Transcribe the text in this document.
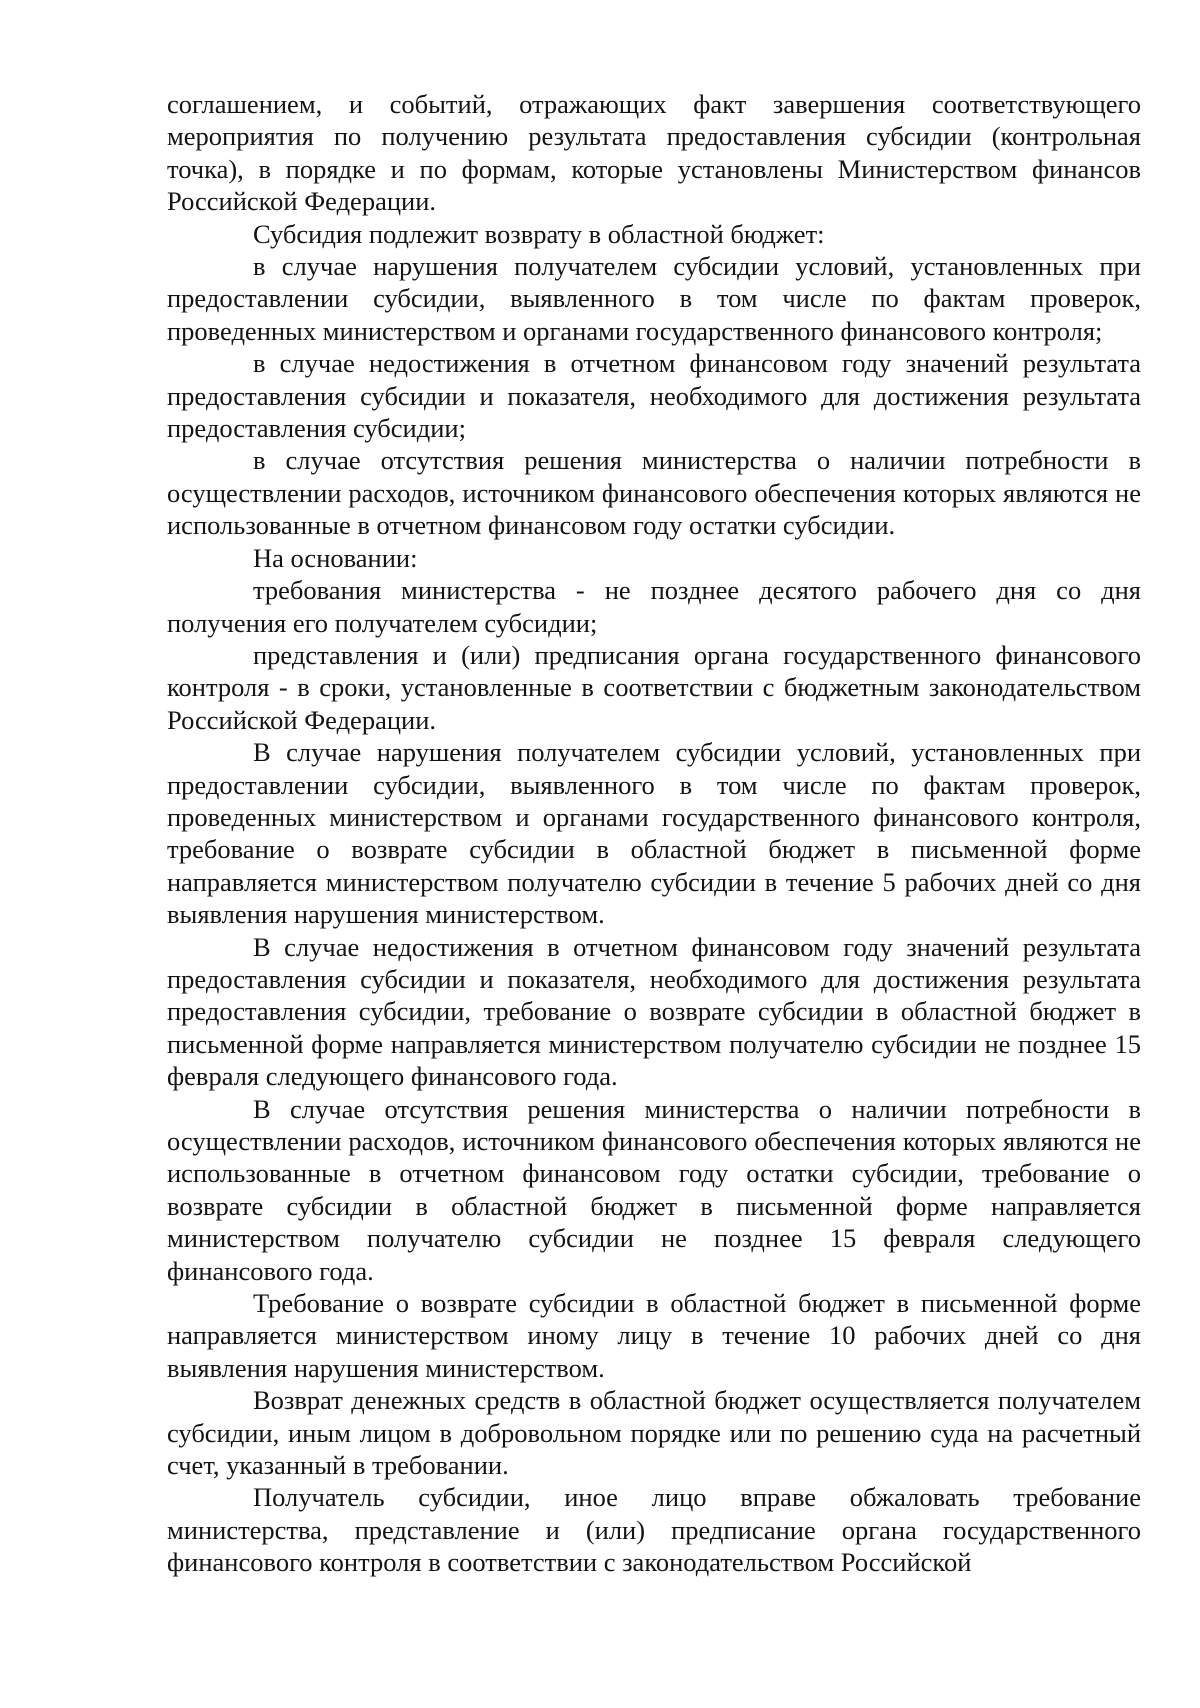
соглашением, и событий, отражающих факт завершения соответствующего мероприятия по получению результата предоставления субсидии (контрольная точка), в порядке и по формам, которые установлены Министерством финансов Российской Федерации.

Субсидия подлежит возврату в областной бюджет:

в случае нарушения получателем субсидии условий, установленных при предоставлении субсидии, выявленного в том числе по фактам проверок, проведенных министерством и органами государственного финансового контроля;

в случае недостижения в отчетном финансовом году значений результата предоставления субсидии и показателя, необходимого для достижения результата предоставления субсидии;

в случае отсутствия решения министерства о наличии потребности в осуществлении расходов, источником финансового обеспечения которых являются не использованные в отчетном финансовом году остатки субсидии.

На основании:

требования министерства - не позднее десятого рабочего дня со дня получения его получателем субсидии;

представления и (или) предписания органа государственного финансового контроля - в сроки, установленные в соответствии с бюджетным законодательством Российской Федерации.

В случае нарушения получателем субсидии условий, установленных при предоставлении субсидии, выявленного в том числе по фактам проверок, проведенных министерством и органами государственного финансового контроля, требование о возврате субсидии в областной бюджет в письменной форме направляется министерством получателю субсидии в течение 5 рабочих дней со дня выявления нарушения министерством.

В случае недостижения в отчетном финансовом году значений результата предоставления субсидии и показателя, необходимого для достижения результата предоставления субсидии, требование о возврате субсидии в областной бюджет в письменной форме направляется министерством получателю субсидии не позднее 15 февраля следующего финансового года.

В случае отсутствия решения министерства о наличии потребности в осуществлении расходов, источником финансового обеспечения которых являются не использованные в отчетном финансовом году остатки субсидии, требование о возврате субсидии в областной бюджет в письменной форме направляется министерством получателю субсидии не позднее 15 февраля следующего финансового года.

Требование о возврате субсидии в областной бюджет в письменной форме направляется министерством иному лицу в течение 10 рабочих дней со дня выявления нарушения министерством.

Возврат денежных средств в областной бюджет осуществляется получателем субсидии, иным лицом в добровольном порядке или по решению суда на расчетный счет, указанный в требовании.

Получатель субсидии, иное лицо вправе обжаловать требование министерства, представление и (или) предписание органа государственного финансового контроля в соответствии с законодательством Российской
